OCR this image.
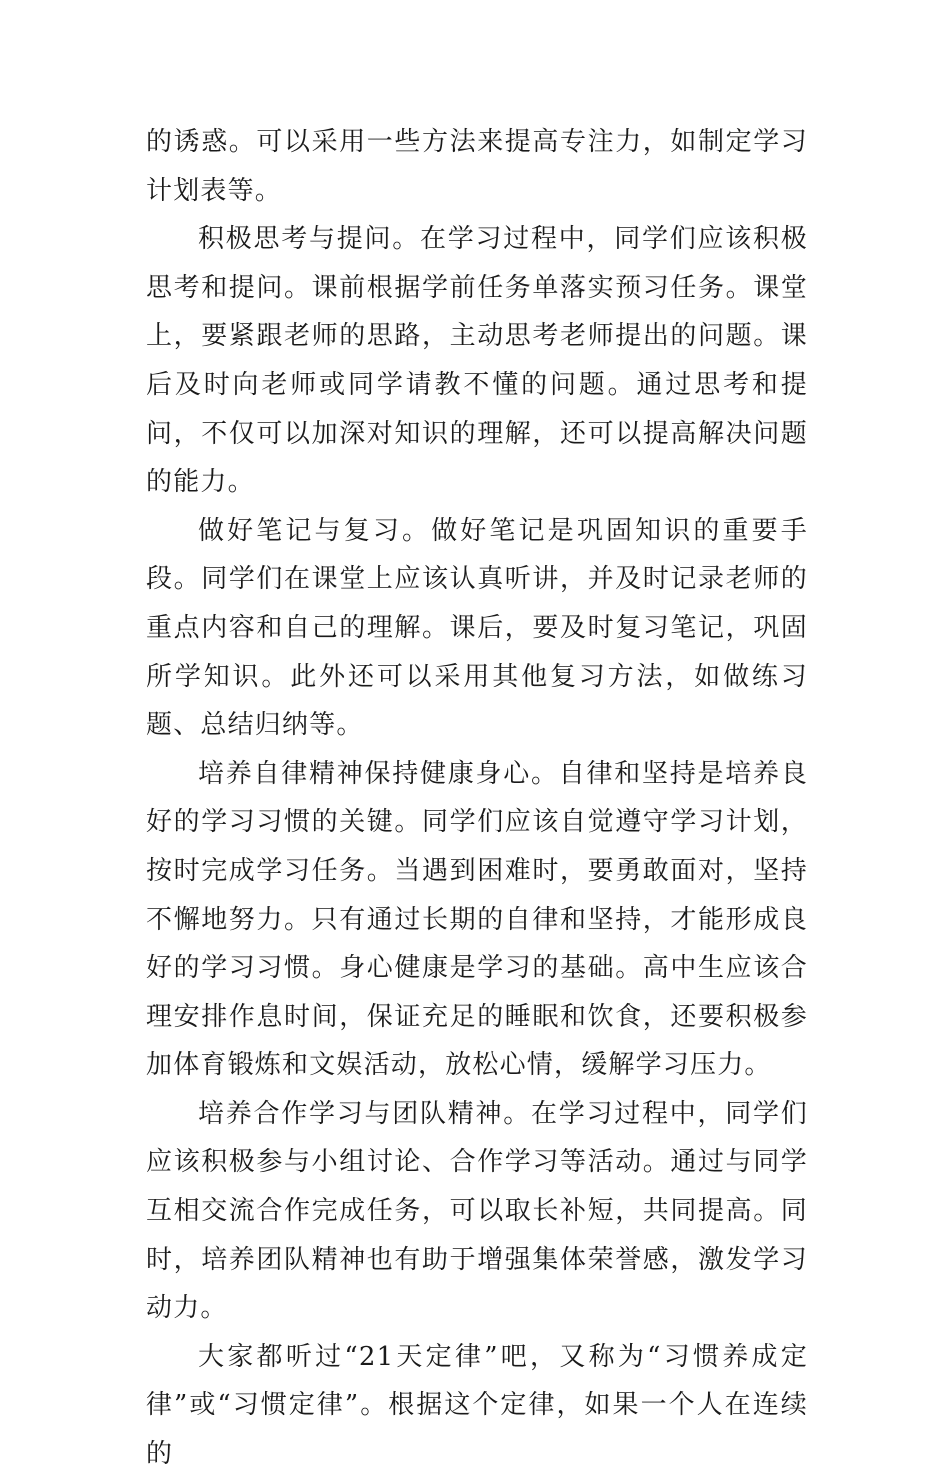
的诱惑。可以采用一些方法来提高专注力，如制定学习计划表等。

积极思考与提问。在学习过程中，同学们应该积极思考和提问。课前根据学前任务单落实预习任务。课堂上，要紧跟老师的思路，主动思考老师提出的问题。课后及时向老师或同学请教不懂的问题。通过思考和提问，不仅可以加深对知识的理解，还可以提高解决问题的能力。

做好笔记与复习。做好笔记是巩固知识的重要手段。同学们在课堂上应该认真听讲，并及时记录老师的重点内容和自己的理解。课后，要及时复习笔记，巩固所学知识。此外还可以采用其他复习方法，如做练习题、总结归纳等。

培养自律精神保持健康身心。自律和坚持是培养良好的学习习惯的关键。同学们应该自觉遵守学习计划，按时完成学习任务。当遇到困难时，要勇敢面对，坚持不懈地努力。只有通过长期的自律和坚持，才能形成良好的学习习惯。身心健康是学习的基础。高中生应该合理安排作息时间，保证充足的睡眠和饮食，还要积极参加体育锻炼和文娱活动，放松心情，缓解学习压力。

培养合作学习与团队精神。在学习过程中，同学们应该积极参与小组讨论、合作学习等活动。通过与同学互相交流合作完成任务，可以取长补短，共同提高。同时，培养团队精神也有助于增强集体荣誉感，激发学习动力。

大家都听过“21天定律”吧，又称为“习惯养成定律”或“习惯定律”。根据这个定律，如果一个人在连续的
